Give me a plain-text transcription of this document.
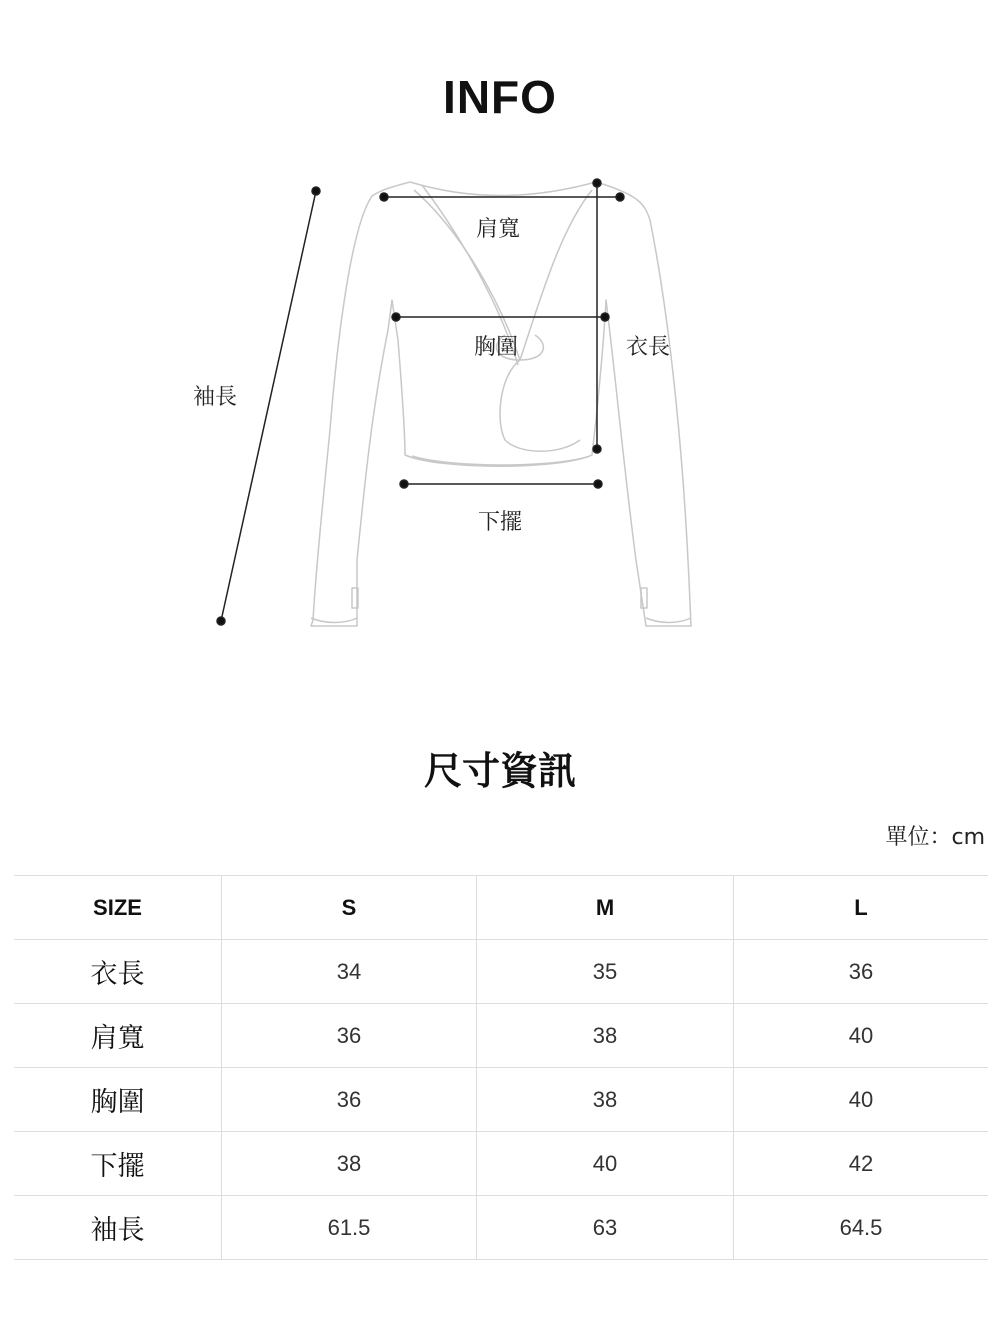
INFO
肩寬
胸圍	衣長
下擺
袖長
尺寸資訊
單位：cm
SIZE	S	M	L
衣長	34	35	36
肩寬	36	38	40
胸圍	36	38	40
下擺	38	40	42
袖長	61.5	63	64.5
